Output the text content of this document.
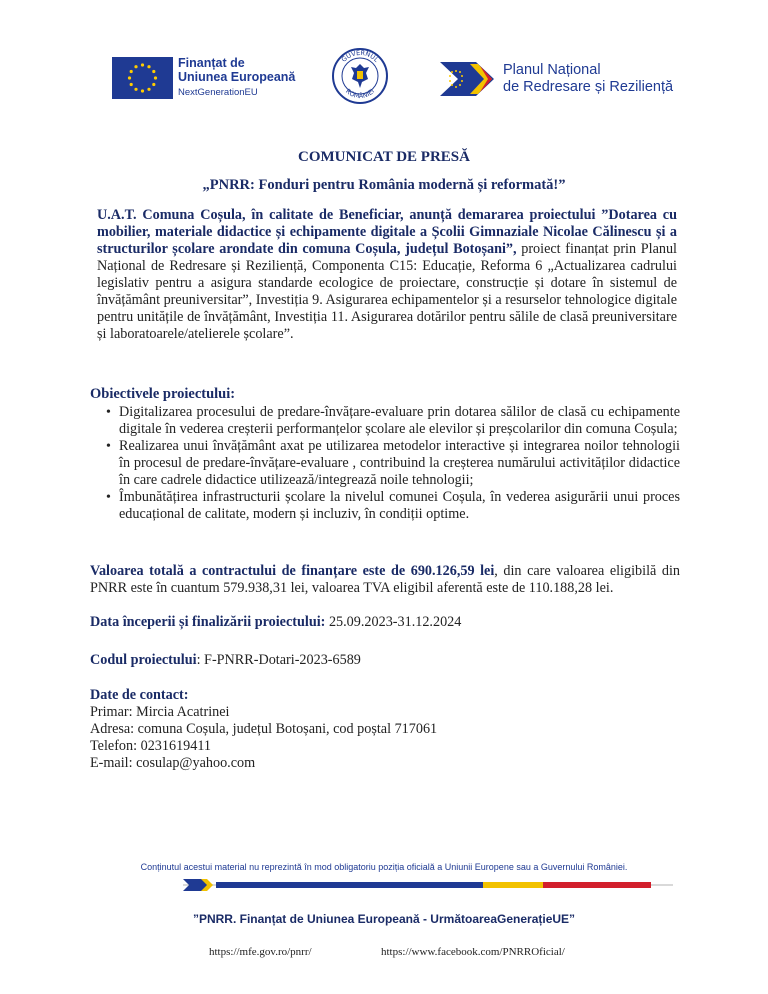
Finanțat de
Uniunea Europeană
NextGenerationEU
GUVERNUL
ROMÂNIEI
Planul Național
de Redresare și Reziliență
COMUNICAT DE PRESĂ
„PNRR: Fonduri pentru România modernă și reformată!”
U.A.T. Comuna Coșula, în calitate de Beneficiar, anunță demararea proiectului ”Dotarea cu mobilier, materiale didactice și echipamente digitale a Școlii Gimnaziale Nicolae Călinescu și a structurilor școlare arondate din comuna Coșula, județul Botoșani”, proiect finanțat prin Planul Național de Redresare și Reziliență, Componenta C15: Educație, Reforma 6 „Actualizarea cadrului legislativ pentru a asigura standarde ecologice de proiectare, construcție și dotare în sistemul de învățământ preuniversitar”, Investiția 9. Asigurarea echipamentelor și a resurselor tehnologice digitale pentru unitățile de învățământ, Investiția 11. Asigurarea dotărilor pentru sălile de clasă preuniversitare și laboratoarele/atelierele școlare”.
Obiectivele proiectului:
• Digitalizarea procesului de predare-învățare-evaluare prin dotarea sălilor de clasă cu echipamente digitale în vederea creșterii performanțelor școlare ale elevilor și preșcolarilor din comuna Coșula;
• Realizarea unui învățământ axat pe utilizarea metodelor interactive și integrarea noilor tehnologii în procesul de predare-învățare-evaluare , contribuind la creșterea numărului activităților didactice în care cadrele didactice utilizează/integrează noile tehnologii;
• Îmbunătățirea infrastructurii școlare la nivelul comunei Coșula, în vederea asigurării unui proces educațional de calitate, modern și incluziv, în condiții optime.
Valoarea totală a contractului de finanțare este de 690.126,59 lei, din care valoarea eligibilă din PNRR este în cuantum 579.938,31 lei, valoarea TVA eligibil aferentă este de 110.188,28 lei.
Data începerii și finalizării proiectului: 25.09.2023-31.12.2024
Codul proiectului: F-PNRR-Dotari-2023-6589
Date de contact:
Primar: Mircia Acatrinei
Adresa: comuna Coșula, județul Botoșani, cod poștal 717061
Telefon: 0231619411
E-mail: cosulap@yahoo.com
Conținutul acestui material nu reprezintă în mod obligatoriu poziția oficială a Uniunii Europene sau a Guvernului României.
”PNRR. Finanțat de Uniunea Europeană - UrmătoareaGenerațieUE”
https://mfe.gov.ro/pnrr/	https://www.facebook.com/PNRROficial/
